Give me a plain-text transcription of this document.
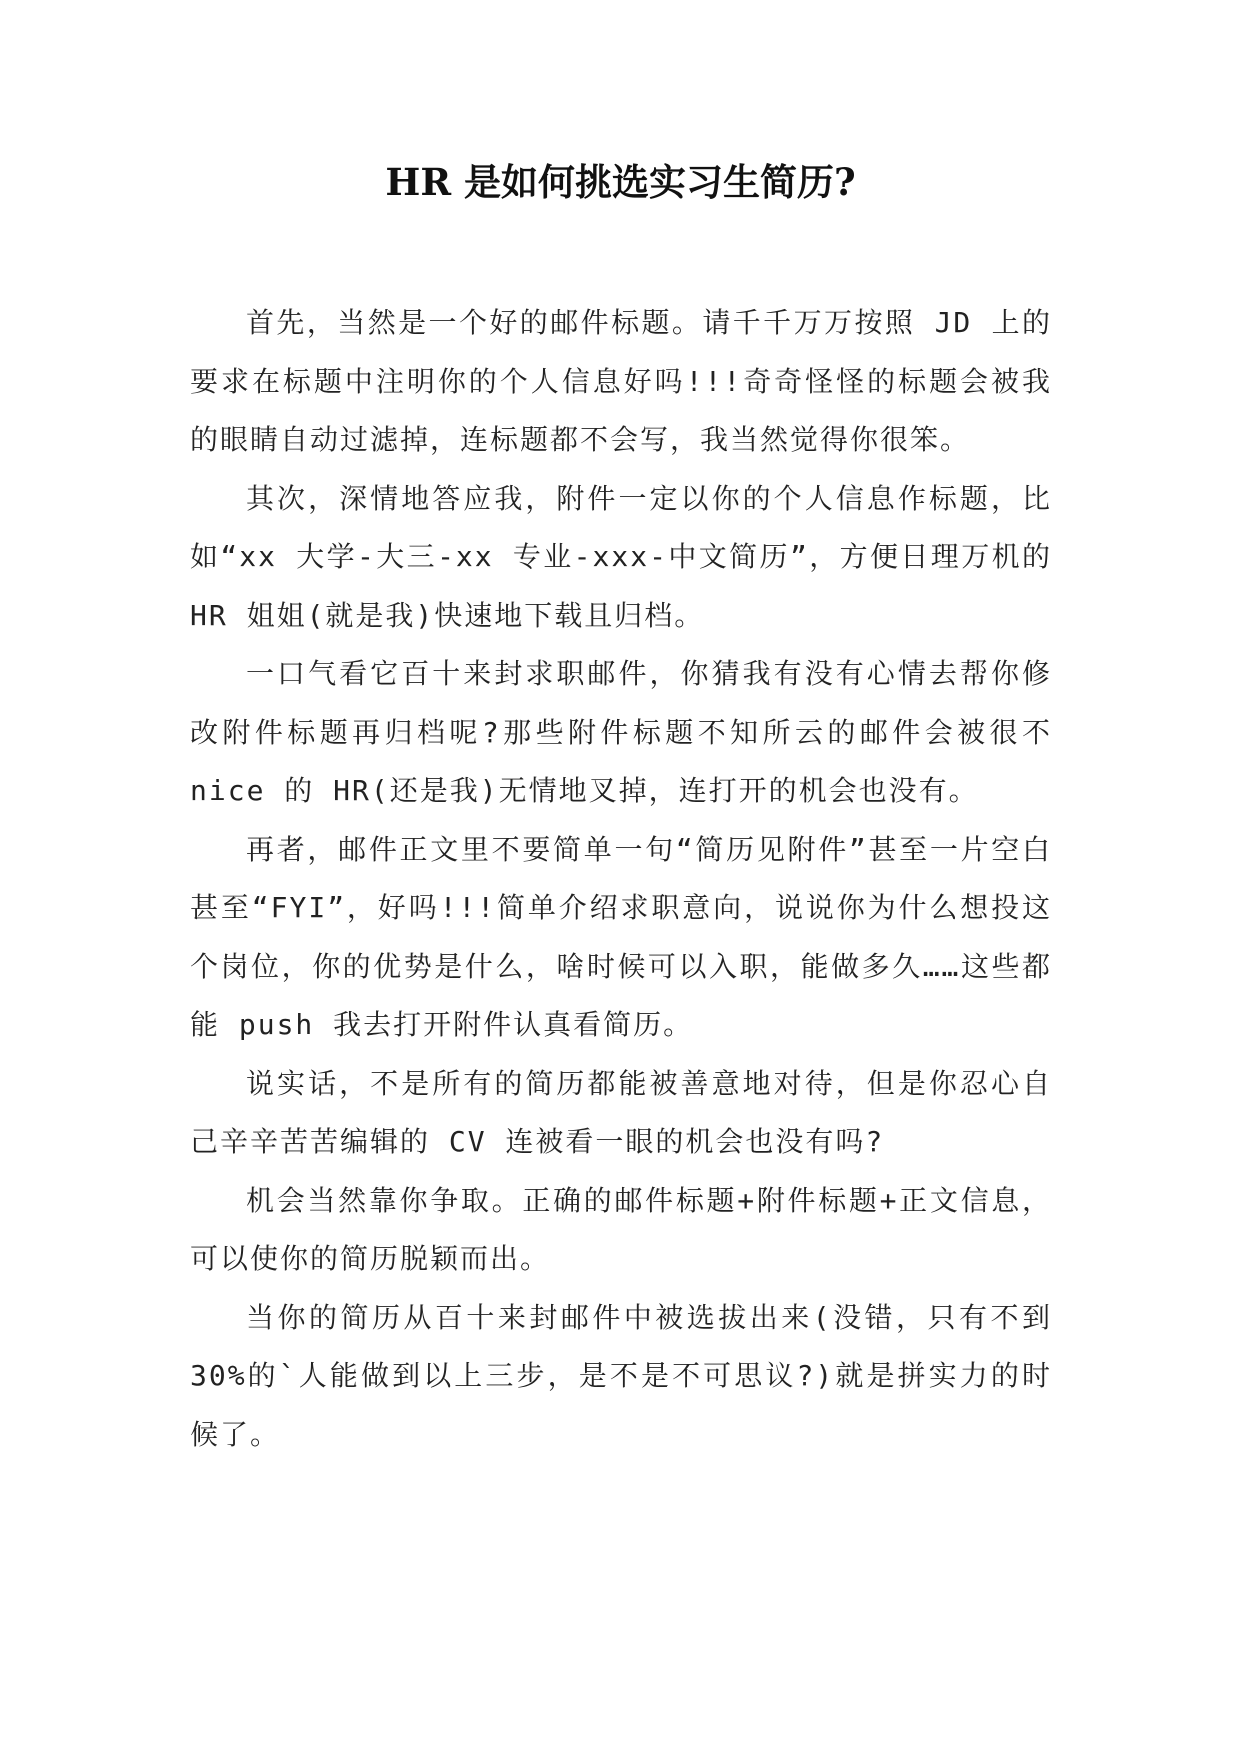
HR 是如何挑选实习生简历?

首先，当然是一个好的邮件标题。请千千万万按照 JD 上的要求在标题中注明你的个人信息好吗!!!奇奇怪怪的标题会被我的眼睛自动过滤掉，连标题都不会写，我当然觉得你很笨。

其次，深情地答应我，附件一定以你的个人信息作标题，比如“xx 大学-大三-xx 专业-xxx-中文简历”，方便日理万机的 HR 姐姐(就是我)快速地下载且归档。

一口气看它百十来封求职邮件，你猜我有没有心情去帮你修改附件标题再归档呢?那些附件标题不知所云的邮件会被很不 nice 的 HR(还是我)无情地叉掉，连打开的机会也没有。

再者，邮件正文里不要简单一句“简历见附件”甚至一片空白甚至“FYI”，好吗!!!简单介绍求职意向，说说你为什么想投这个岗位，你的优势是什么，啥时候可以入职，能做多久……这些都能 push 我去打开附件认真看简历。

说实话，不是所有的简历都能被善意地对待，但是你忍心自己辛辛苦苦编辑的 CV 连被看一眼的机会也没有吗?

机会当然靠你争取。正确的邮件标题+附件标题+正文信息，可以使你的简历脱颖而出。

当你的简历从百十来封邮件中被选拔出来(没错，只有不到 30%的`人能做到以上三步，是不是不可思议?)就是拼实力的时候了。
